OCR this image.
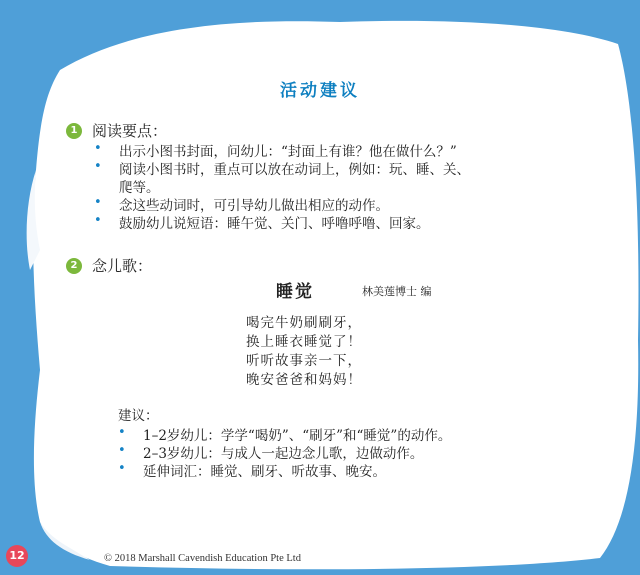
活动建议
1 阅读要点：
• 出示小图书封面，问幼儿：“封面上有谁？他在做什么？”
• 阅读小图书时，重点可以放在动词上，例如：玩、睡、关、
爬等。
• 念这些动词时，可引导幼儿做出相应的动作。
• 鼓励幼儿说短语：睡午觉、关门、呼噜呼噜、回家。
2 念儿歌：
睡觉	林美莲博士 编
喝完牛奶刷刷牙，
换上睡衣睡觉了！
听听故事亲一下，
晚安爸爸和妈妈！
建议：
• 1–2岁幼儿：学学“喝奶”、“刷牙”和“睡觉”的动作。
• 2–3岁幼儿：与成人一起边念儿歌，边做动作。
• 延伸词汇：睡觉、刷牙、听故事、晚安。
12	© 2018 Marshall Cavendish Education Pte Ltd
